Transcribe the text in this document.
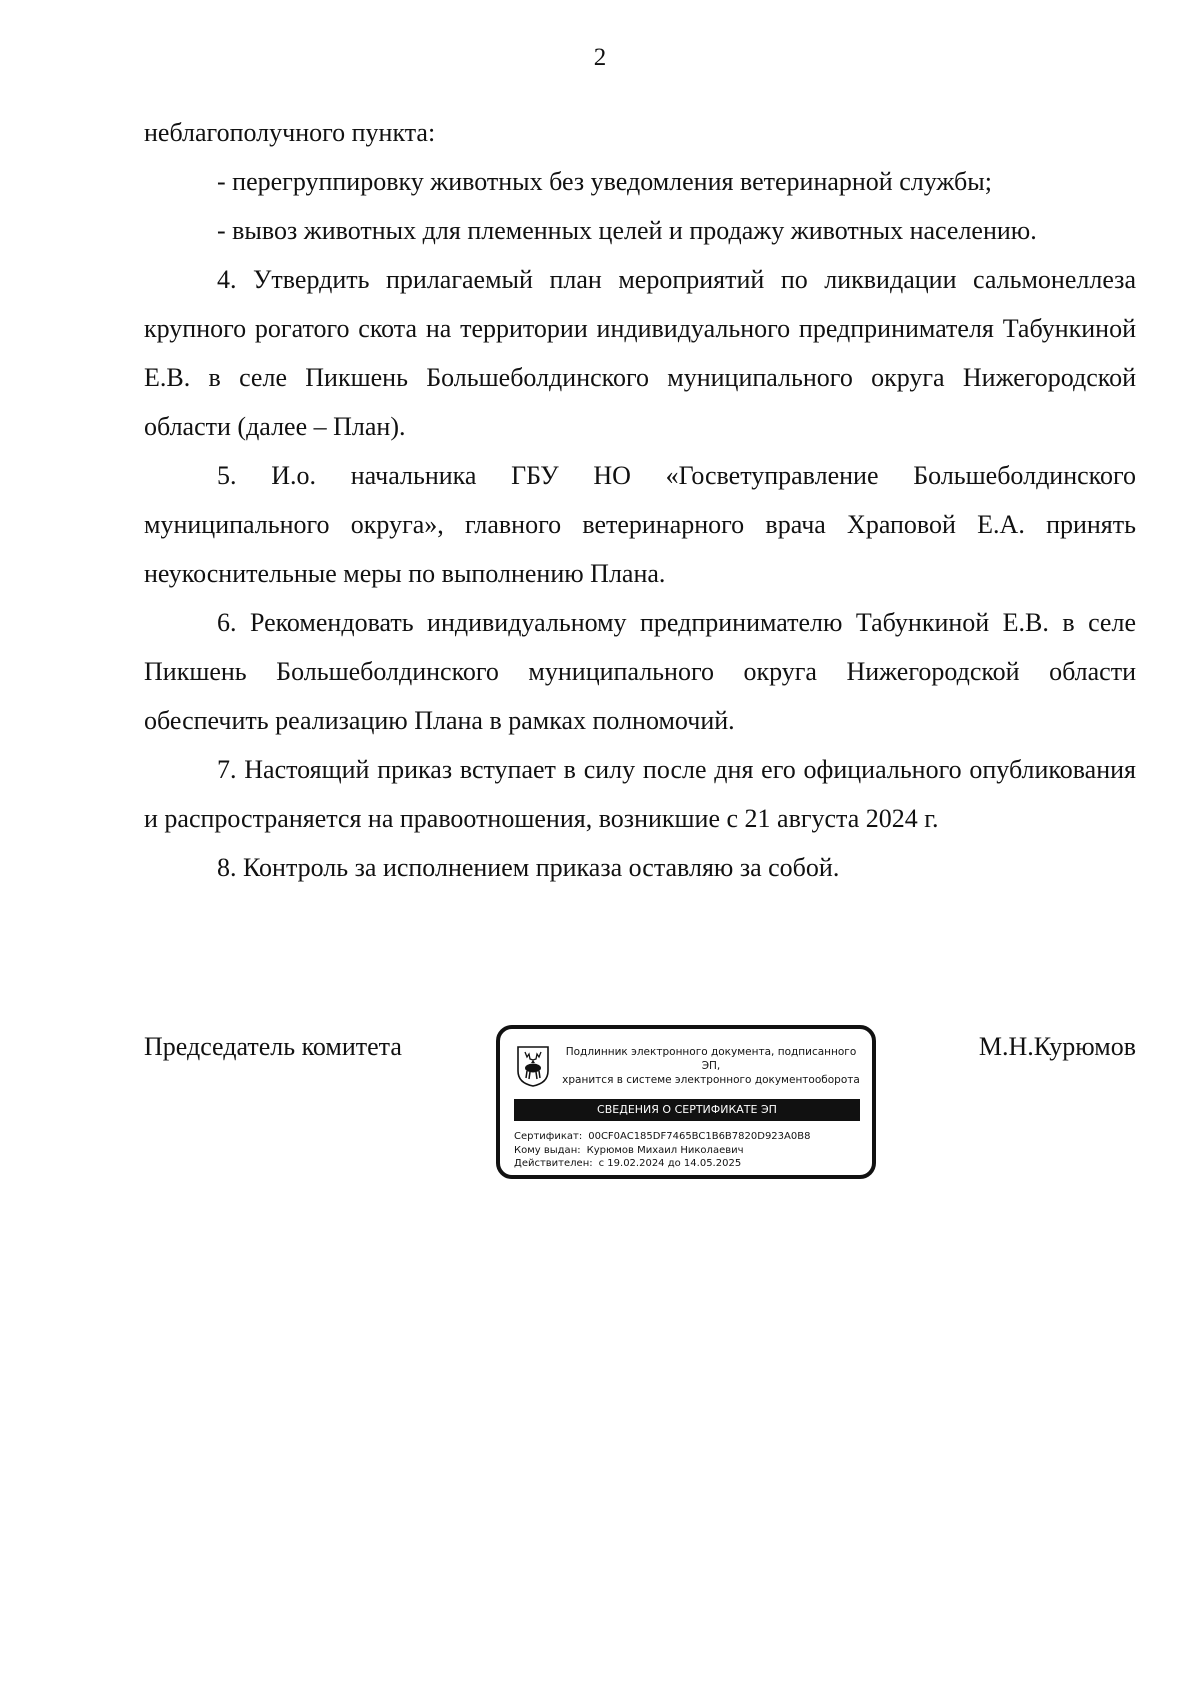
2

неблагополучного пункта:

- перегруппировку животных без уведомления ветеринарной службы;

- вывоз животных для племенных целей и продажу животных населению.

4. Утвердить прилагаемый план мероприятий по ликвидации сальмонеллеза крупного рогатого скота на территории индивидуального предпринимателя Табункиной Е.В. в селе Пикшень Большеболдинского муниципального округа Нижегородской области (далее – План).

5. И.о. начальника ГБУ НО «Госветуправление Большеболдинского муниципального округа», главного ветеринарного врача Храповой Е.А. принять неукоснительные меры по выполнению Плана.

6. Рекомендовать индивидуальному предпринимателю Табункиной Е.В. в селе Пикшень Большеболдинского муниципального округа Нижегородской области обеспечить реализацию Плана в рамках полномочий.

7. Настоящий приказ вступает в силу после дня его официального опубликования и распространяется на правоотношения, возникшие с 21 августа 2024 г.

8. Контроль за исполнением приказа оставляю за собой.

Председатель комитета	М.Н.Курюмов
Подлинник электронного документа, подписанного ЭП,
хранится в системе электронного документооборота
СВЕДЕНИЯ О СЕРТИФИКАТЕ ЭП
Сертификат: 00CF0AC185DF7465BC1B6B7820D923A0B8
Кому выдан: Курюмов Михаил Николаевич
Действителен: с 19.02.2024 до 14.05.2025
